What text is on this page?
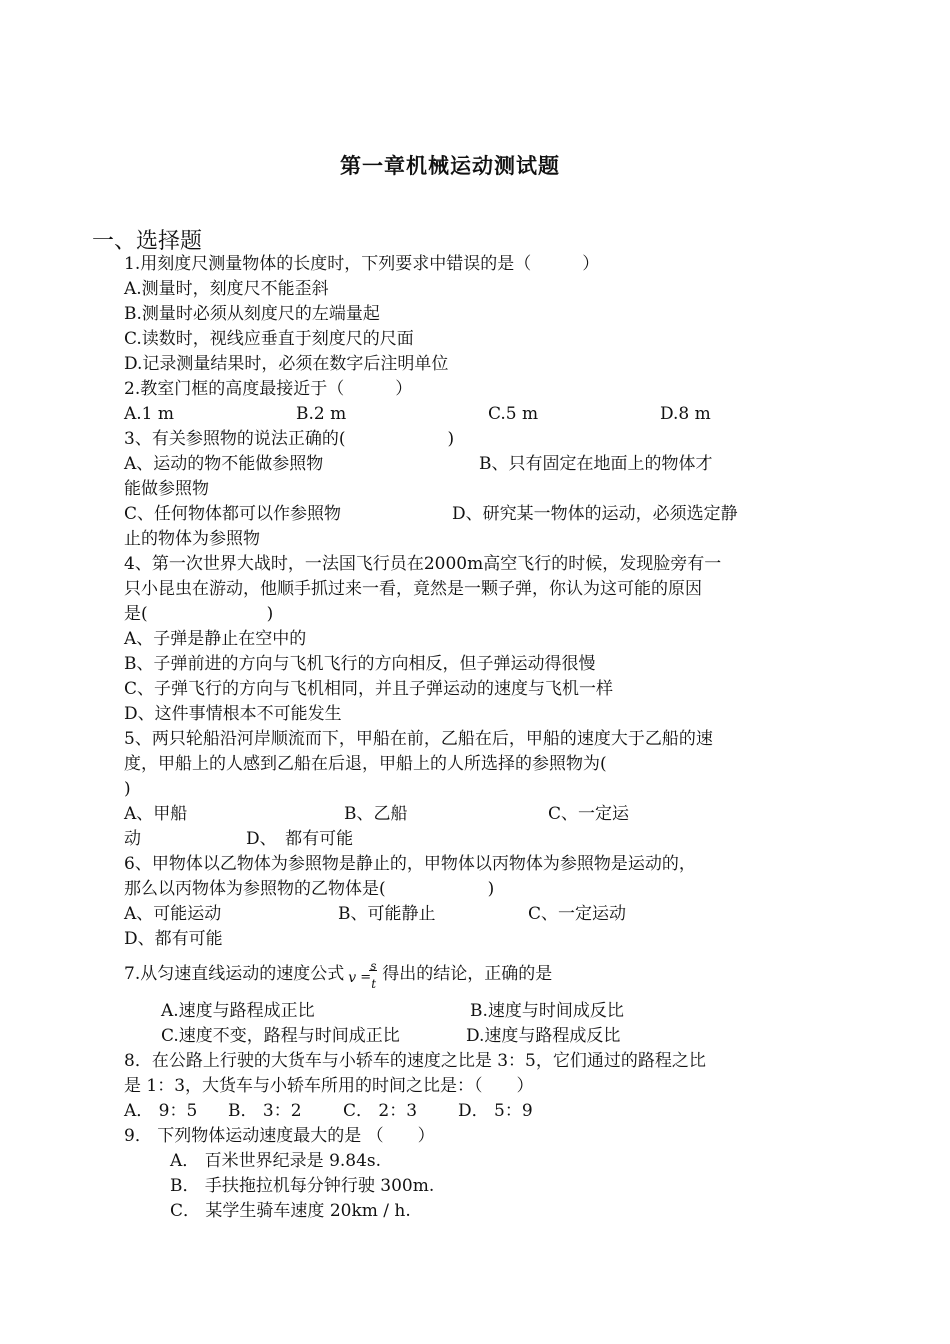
第一章机械运动测试题
一、选择题
1.用刻度尺测量物体的长度时，下列要求中错误的是（　　　）
A.测量时，刻度尺不能歪斜
B.测量时必须从刻度尺的左端量起
C.读数时，视线应垂直于刻度尺的尺面
D.记录测量结果时，必须在数字后注明单位
2.教室门框的高度最接近于（　　　）
A.1 m	B.2 m	C.5 m	D.8 m
3、有关参照物的说法正确的(　　　　　　)
A、运动的物不能做参照物	B、只有固定在地面上的物体才
能做参照物
C、任何物体都可以作参照物	D、研究某一物体的运动，必须选定静
止的物体为参照物
4、第一次世界大战时，一法国飞行员在2000m高空飞行的时候，发现脸旁有一
只小昆虫在游动，他顺手抓过来一看，竟然是一颗子弹，你认为这可能的原因
是(　　　　　　　)
A、子弹是静止在空中的
B、子弹前进的方向与飞机飞行的方向相反，但子弹运动得很慢
C、子弹飞行的方向与飞机相同，并且子弹运动的速度与飞机一样
D、这件事情根本不可能发生
5、两只轮船沿河岸顺流而下，甲船在前，乙船在后，甲船的速度大于乙船的速
度，甲船上的人感到乙船在后退，甲船上的人所选择的参照物为(
)
A、甲船	B、乙船	C、一定运
动	D、　都有可能
6、甲物体以乙物体为参照物是静止的，甲物体以丙物体为参照物是运动的，
那么以丙物体为参照物的乙物体是(　　　　　　)
A、可能运动	B、可能静止	C、一定运动
D、都有可能
7.从匀速直线运动的速度公式 v =
s
t 得出的结论，正确的是
A.速度与路程成正比	B.速度与时间成反比
C.速度不变，路程与时间成正比	D.速度与路程成反比
8．在公路上行驶的大货车与小轿车的速度之比是 3：5，它们通过的路程之比
是 1：3，大货车与小轿车所用的时间之比是：（　　）
A． 9：5 B． 3：2 C． 2：3 D． 5：9
9． 下列物体运动速度最大的是 （　　）
A． 百米世界纪录是 9.84s.
B． 手扶拖拉机每分钟行驶 300m.
C． 某学生骑车速度 20km / h.
